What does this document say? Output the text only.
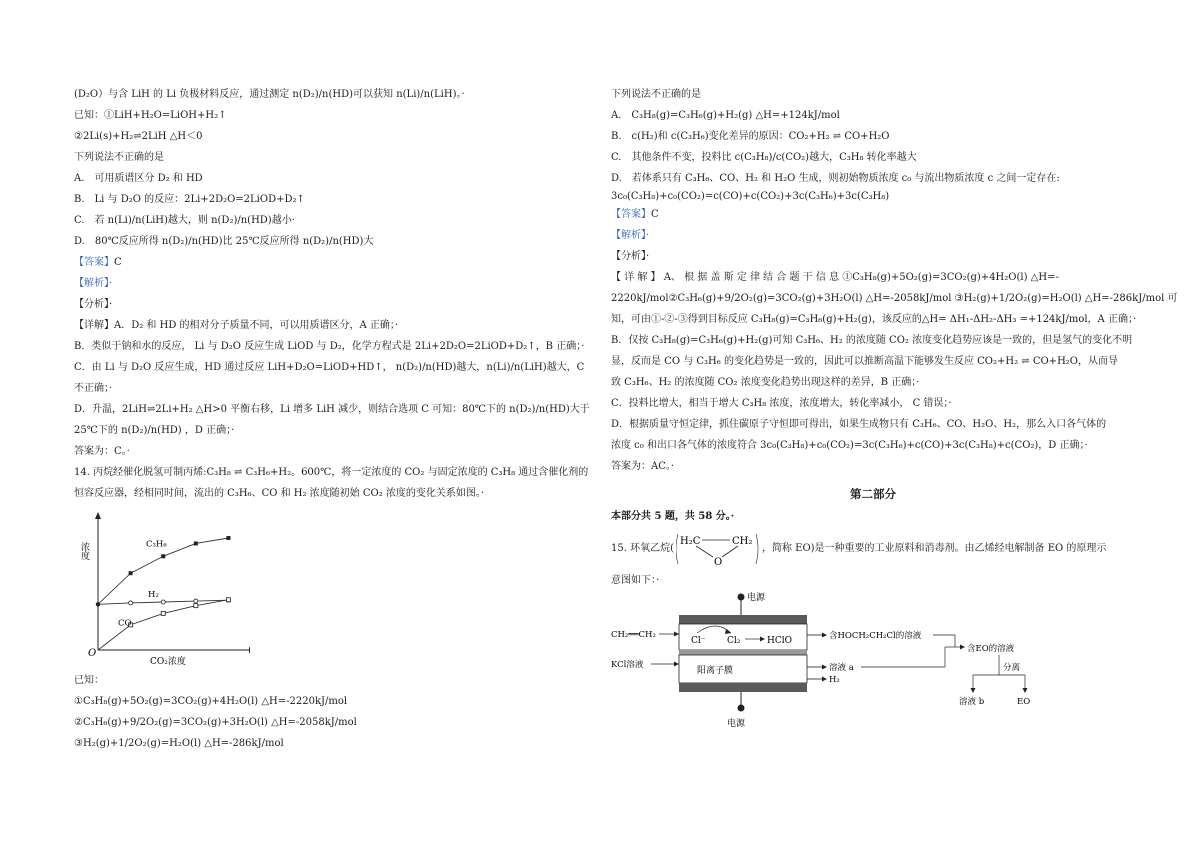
(D₂O）与含 LiH 的 Li 负极材料反应，通过测定 n(D₂)/n(HD)可以获知 n(Li)/n(LiH)。·
已知：①LiH+H₂O=LiOH+H₂↑
②2Li(s)+H₂⇌2LiH △H＜0
下列说法不正确的是
A.　可用质谱区分 D₂ 和 HD
B.　Li 与 D₂O 的反应：2Li+2D₂O=2LiOD+D₂↑
C.　若 n(Li)/n(LiH)越大，则 n(D₂)/n(HD)越小·
D.　80℃反应所得 n(D₂)/n(HD)比 25℃反应所得 n(D₂)/n(HD)大
【答案】C
【解析】·
【分析】·
【详解】A．D₂ 和 HD 的相对分子质量不同，可以用质谱区分，A 正确；·
B．类似于钠和水的反应， Li 与 D₂O 反应生成 LiOD 与 D₂，化学方程式是 2Li+2D₂O=2LiOD+D₂↑，B 正确；·
C．由 Li 与 D₂O 反应生成，HD 通过反应 LiH+D₂O=LiOD+HD↑， n(D₂)/n(HD)越大，n(Li)/n(LiH)越大，C
不正确；·
D．升温，2LiH⇌2Li+H₂ △H>0 平衡右移，Li 增多 LiH 减少，则结合选项 C 可知：80℃下的 n(D₂)/n(HD)大于
25℃下的 n(D₂)/n(HD) ，D 正确；·
答案为：C。·
14. 丙烷经催化脱氢可制丙烯:C₃H₈ ⇌ C₃H₆+H₂。600℃，将一定浓度的 CO₂ 与固定浓度的 C₃H₈ 通过含催化剂的
恒容反应器，经相同时间，流出的 C₃H₆、CO 和 H₂ 浓度随初始 CO₂ 浓度的变化关系如图。·
O
浓度
CO₂浓度
C₃H₆
H₂
CO
已知：
①C₃H₈(g)+5O₂(g)=3CO₂(g)+4H₂O(l) △H=-2220kJ/mol
②C₃H₆(g)+9/2O₂(g)=3CO₂(g)+3H₂O(l) △H=-2058kJ/mol
③H₂(g)+1/2O₂(g)=H₂O(l) △H=-286kJ/mol
下列说法不正确的是
A.　C₃H₈(g)=C₃H₆(g)+H₂(g) △H=+124kJ/mol
B.　c(H₂)和 c(C₃H₆)变化差异的原因：CO₂+H₂ ⇌ CO+H₂O
C.　其他条件不变，投料比 c(C₃H₈)/c(CO₂)越大，C₃H₈ 转化率越大
D.　若体系只有 C₃H₆、CO、H₂ 和 H₂O 生成，则初始物质浓度 c₀ 与流出物质浓度 c 之间一定存在:
3c₀(C₃H₈)+c₀(CO₂)=c(CO)+c(CO₂)+3c(C₃H₆)+3c(C₃H₈)
【答案】C
【解析】·
【分析】·
【 详 解 】 A、 根 据 盖 斯 定 律 结 合 题 干 信 息 ①C₃H₈(g)+5O₂(g)=3CO₂(g)+4H₂O(l) △H=-
2220kJ/mol②C₃H₆(g)+9/2O₂(g)=3CO₂(g)+3H₂O(l) △H=-2058kJ/mol ③H₂(g)+1/2O₂(g)=H₂O(l) △H=-286kJ/mol 可
知，可由①-②-③得到目标反应 C₃H₈(g)=C₃H₆(g)+H₂(g)，该反应的△H= ΔH₁-ΔH₂-ΔH₃ =+124kJ/mol，A 正确；·
B．仅按 C₃H₈(g)=C₃H₆(g)+H₂(g)可知 C₃H₆、H₂ 的浓度随 CO₂ 浓度变化趋势应该是一致的，但是氢气的变化不明
显，反而是 CO 与 C₃H₆ 的变化趋势是一致的，因此可以推断高温下能够发生反应 CO₂+H₂ ⇌ CO+H₂O，从而导
致 C₃H₆、H₂ 的浓度随 CO₂ 浓度变化趋势出现这样的差异，B 正确；·
C．投料比增大，相当于增大 C₃H₈ 浓度，浓度增大，转化率减小， C 错误；·
D．根据质量守恒定律，抓住碳原子守恒即可得出，如果生成物只有 C₃H₆、CO、H₂O、H₂，那么入口各气体的
浓度 c₀ 和出口各气体的浓度符合 3c₀(C₃H₈)+c₀(CO₂)=3c(C₃H₆)+c(CO)+3c(C₃H₈)+c(CO₂)，D 正确；·
答案为：AC。·
第二部分
本部分共 5 题，共 58 分。·
15. 环氧乙烷(
H₂C	CH₂
O
，简称 EO)是一种重要的工业原料和消毒剂。由乙烯经电解制备 EO 的原理示
意图如下：·
电源
电源
CH₂══CH₂
KCl溶液
Cl⁻ Cl₂	HClO
阳离子膜
含HOCH₂CH₂Cl的溶液
溶液 a
H₂
含EO的溶液
分离
溶液 b	EO
